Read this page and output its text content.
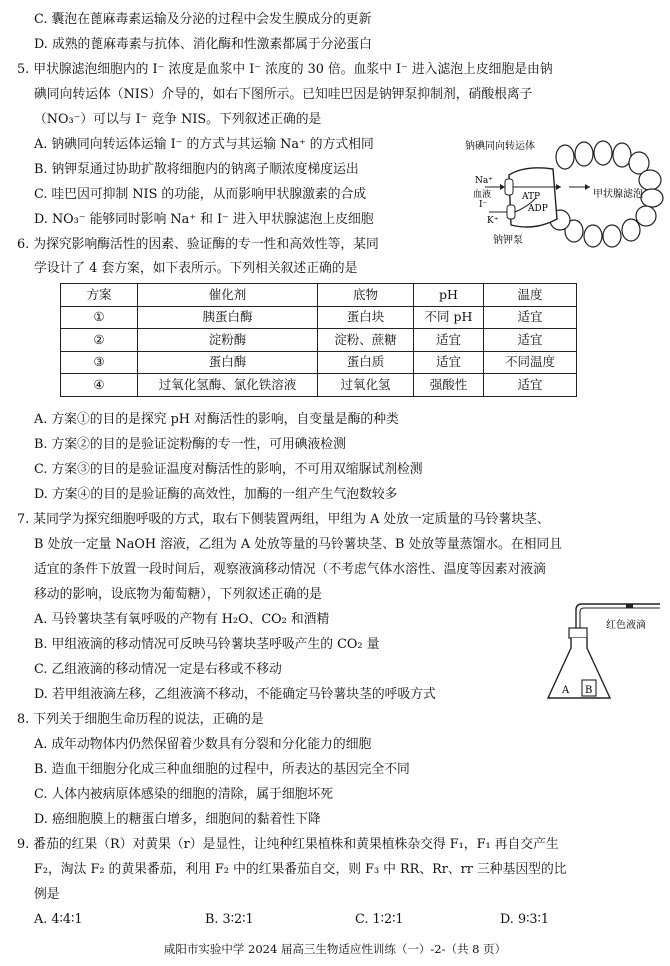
C. 囊泡在蓖麻毒素运输及分泌的过程中会发生膜成分的更新
D. 成熟的蓖麻毒素与抗体、消化酶和性激素都属于分泌蛋白
5. 甲状腺滤泡细胞内的 I⁻ 浓度是血浆中 I⁻ 浓度的 30 倍。血浆中 I⁻ 进入滤泡上皮细胞是由钠
碘同向转运体（NIS）介导的，如右下图所示。已知哇巴因是钠钾泵抑制剂，硝酸根离子
（NO₃⁻）可以与 I⁻ 竞争 NIS。下列叙述正确的是
A. 钠碘同向转运体运输 I⁻ 的方式与其运输 Na⁺ 的方式相同
B. 钠钾泵通过协助扩散将细胞内的钠离子顺浓度梯度运出
C. 哇巴因可抑制 NIS 的功能，从而影响甲状腺激素的合成
D. NO₃⁻ 能够同时影响 Na⁺ 和 I⁻ 进入甲状腺滤泡上皮细胞
钠碘同向转运体
Na⁺
血液
I⁻
K⁺
ATP
ADP
钠钾泵
甲状腺滤泡
6. 为探究影响酶活性的因素、验证酶的专一性和高效性等，某同
学设计了 4 套方案，如下表所示。下列相关叙述正确的是
方案	催化剂	底物	pH	温度
①	胰蛋白酶	蛋白块	不同 pH	适宜
②	淀粉酶	淀粉、蔗糖	适宜	适宜
③	蛋白酶	蛋白质	适宜	不同温度
④	过氧化氢酶、氯化铁溶液	过氧化氢	强酸性	适宜
A. 方案①的目的是探究 pH 对酶活性的影响，自变量是酶的种类
B. 方案②的目的是验证淀粉酶的专一性，可用碘液检测
C. 方案③的目的是验证温度对酶活性的影响，不可用双缩脲试剂检测
D. 方案④的目的是验证酶的高效性，加酶的一组产生气泡数较多
7. 某同学为探究细胞呼吸的方式，取右下侧装置两组，甲组为 A 处放一定质量的马铃薯块茎、
B 处放一定量 NaOH 溶液，乙组为 A 处放等量的马铃薯块茎、B 处放等量蒸馏水。在相同且
适宜的条件下放置一段时间后，观察液滴移动情况（不考虑气体水溶性、温度等因素对液滴
移动的影响，设底物为葡萄糖），下列叙述正确的是
A. 马铃薯块茎有氧呼吸的产物有 H₂O、CO₂ 和酒精
B. 甲组液滴的移动情况可反映马铃薯块茎呼吸产生的 CO₂ 量
C. 乙组液滴的移动情况一定是右移或不移动
D. 若甲组液滴左移，乙组液滴不移动，不能确定马铃薯块茎的呼吸方式
红色液滴
A B
8. 下列关于细胞生命历程的说法，正确的是
A. 成年动物体内仍然保留着少数具有分裂和分化能力的细胞
B. 造血干细胞分化成三种血细胞的过程中，所表达的基因完全不同
C. 人体内被病原体感染的细胞的清除，属于细胞坏死
D. 癌细胞膜上的糖蛋白增多，细胞间的黏着性下降
9. 番茄的红果（R）对黄果（r）是显性，让纯种红果植株和黄果植株杂交得 F₁，F₁ 再自交产生
F₂，淘汰 F₂ 的黄果番茄，利用 F₂ 中的红果番茄自交，则 F₃ 中 RR、Rr、rr 三种基因型的比
例是
A. 4∶4∶1	B. 3∶2∶1	C. 1∶2∶1	D. 9∶3∶1
咸阳市实验中学 2024 届高三生物适应性训练（一）-2-（共 8 页）
